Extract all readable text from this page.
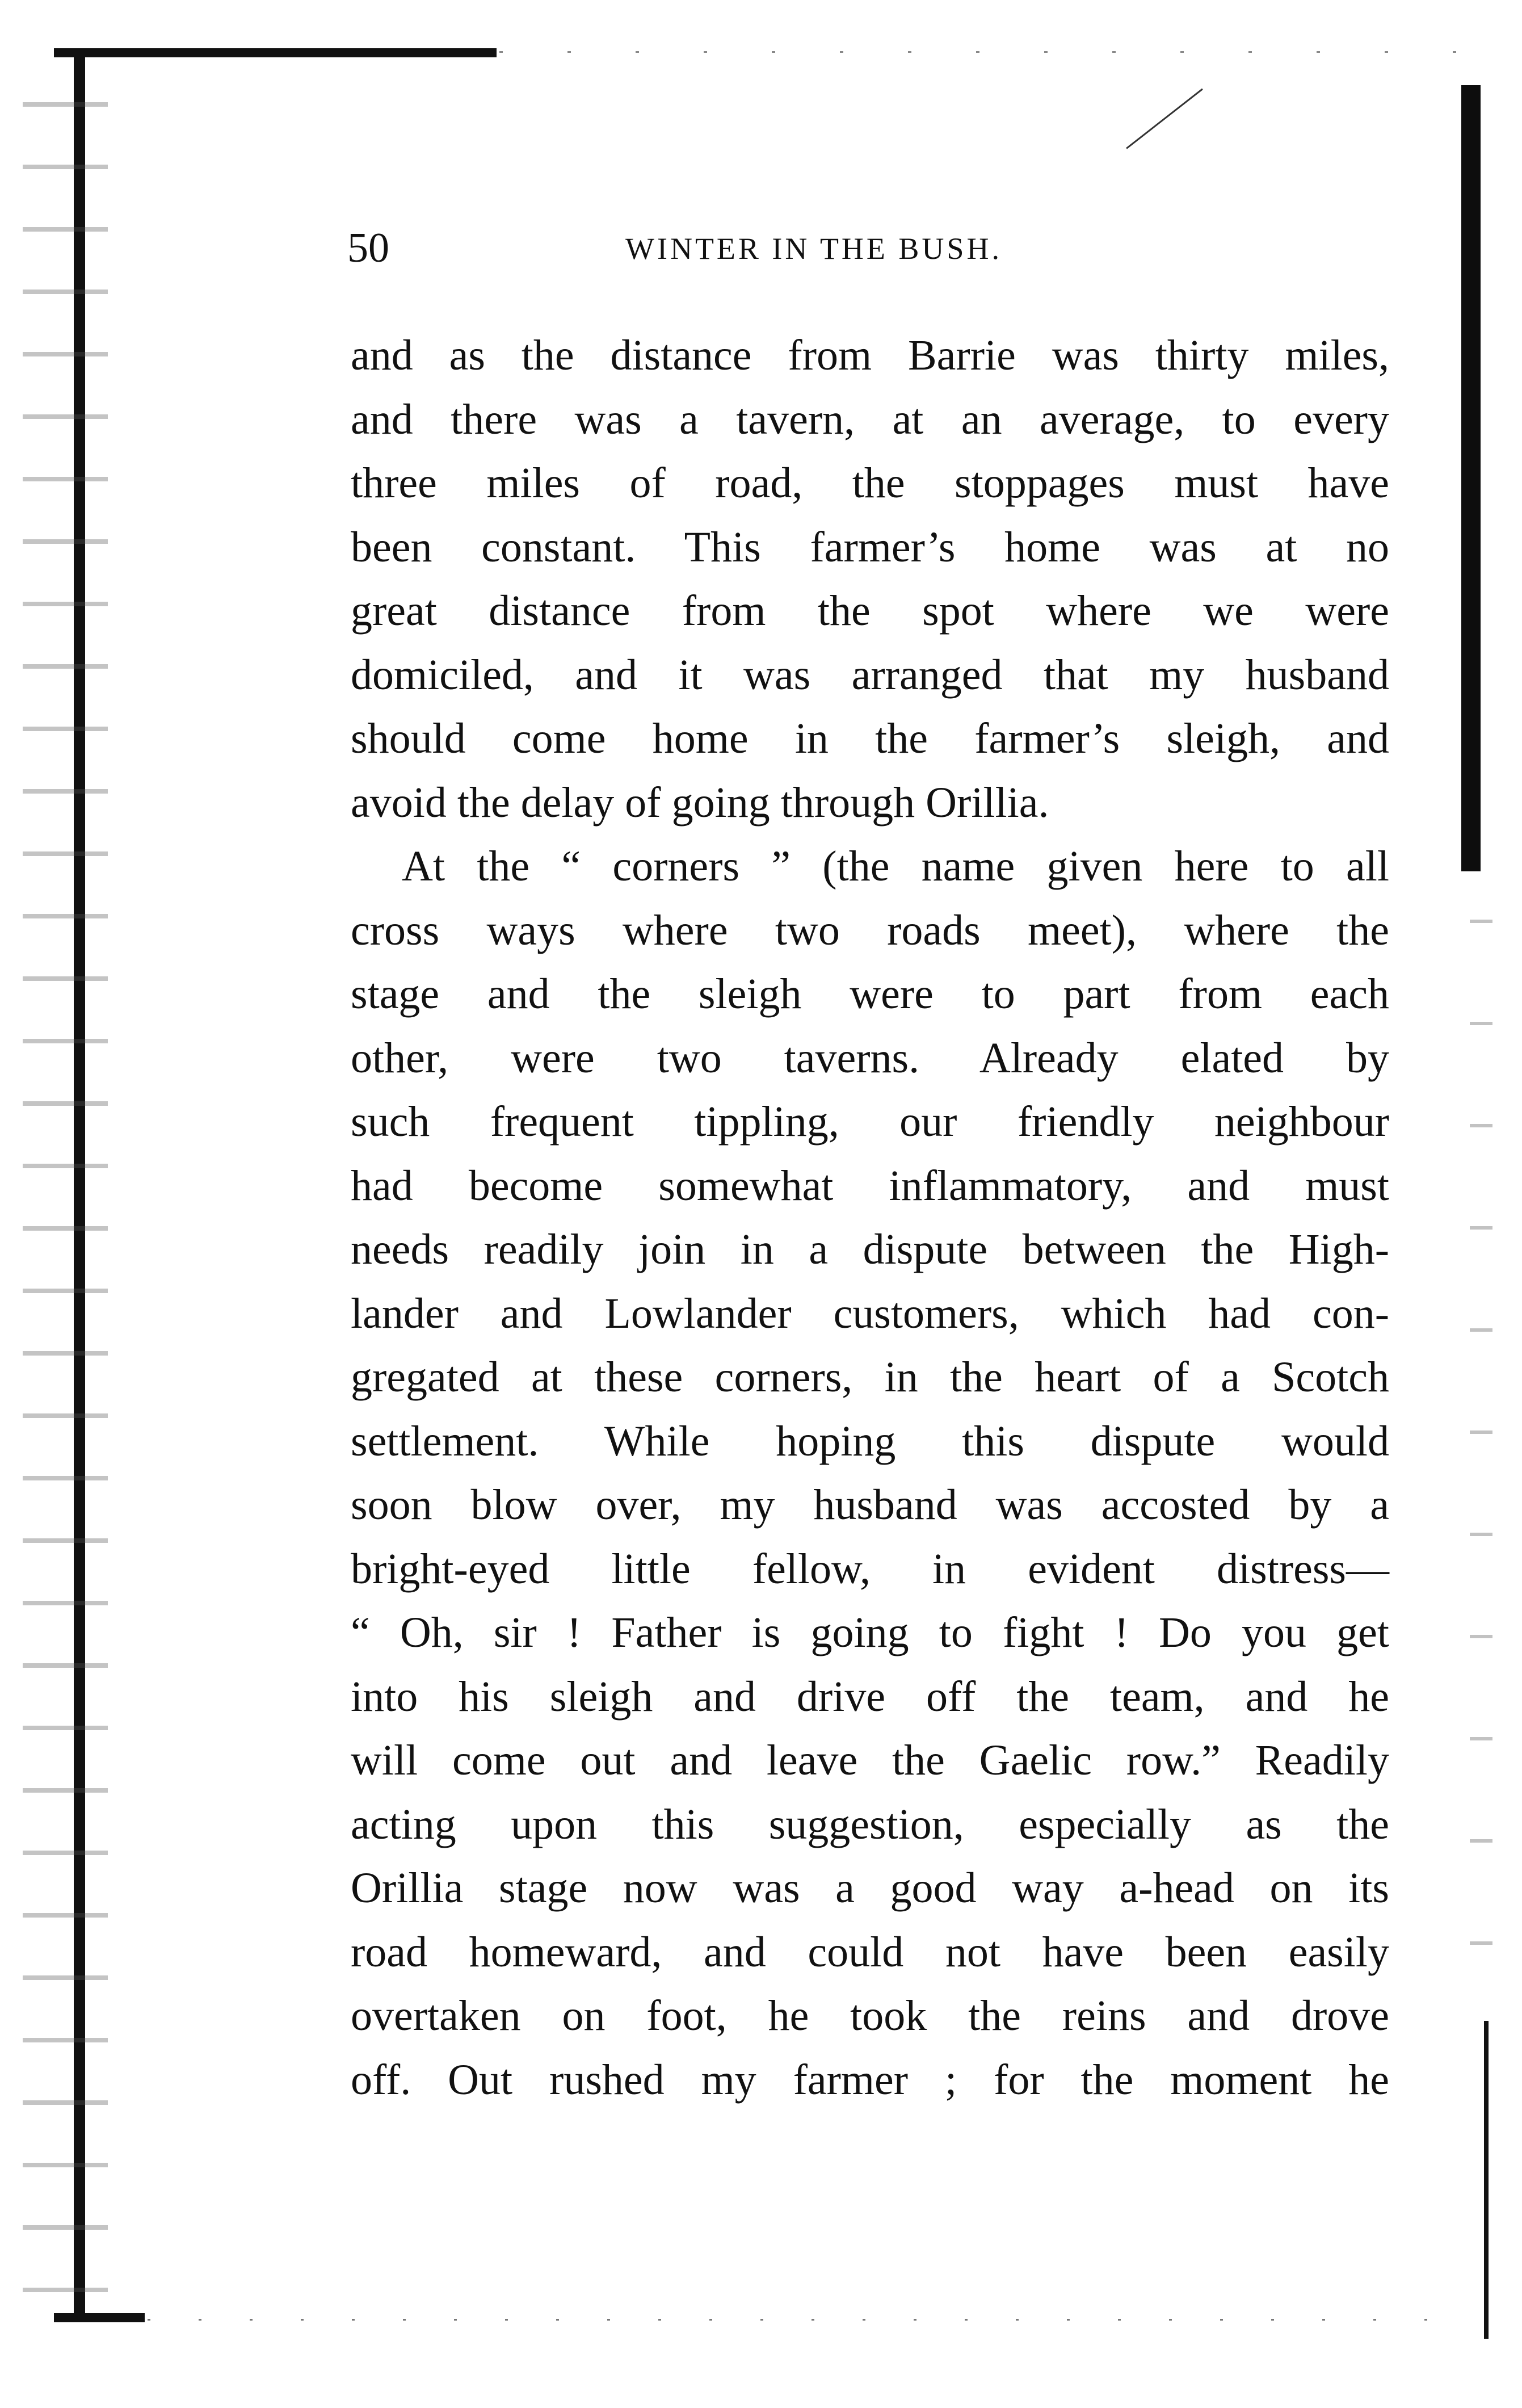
50	WINTER IN THE BUSH.
and as the distance from Barrie was thirty miles,
and there was a tavern, at an average, to every
three miles of road, the stoppages must have
been constant. This farmer’s home was at no
great distance from the spot where we were
domiciled, and it was arranged that my husband
should come home in the farmer’s sleigh, and
avoid the delay of going through Orillia.
At the “ corners ” (the name given here to all
cross ways where two roads meet), where the
stage and the sleigh were to part from each
other, were two taverns. Already elated by
such frequent tippling, our friendly neighbour
had become somewhat inflammatory, and must
needs readily join in a dispute between the High-
lander and Lowlander customers, which had con-
gregated at these corners, in the heart of a Scotch
settlement. While hoping this dispute would
soon blow over, my husband was accosted by a
bright-eyed little fellow, in evident distress—
“ Oh, sir ! Father is going to fight ! Do you get
into his sleigh and drive off the team, and he
will come out and leave the Gaelic row.” Readily
acting upon this suggestion, especially as the
Orillia stage now was a good way a-head on its
road homeward, and could not have been easily
overtaken on foot, he took the reins and drove
off. Out rushed my farmer ; for the moment he
